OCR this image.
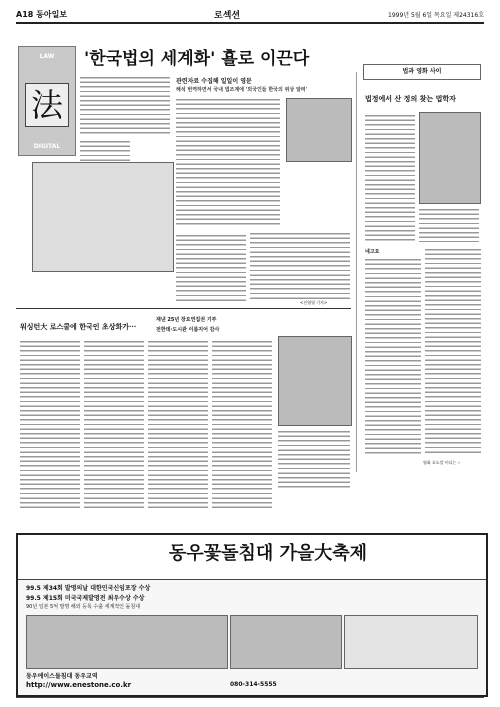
A18 동아일보	로섹션	1999년 5월 6일 목요일 제24316호
'한국법의 세계화' 횰로 이끈다
LAW
法
DIGITAL
관련자료 수집해 일일이 영문
해석 번역하면서 국내 법조계에 '외국인들 한국의 위상 알려'
<선엽영 기자>
워싱턴大 로스쿨에 한국인 초상화가···
재낸 25년 장요연집권 기부
전한데·도시관 이름지어 감사
법과 영화 사이
법정에서 산 정의 찾는 법학자
네고요
영화 포도알 어디는 ☞
동우꽃돌침대 가을大축제
99.5 제34회 발명의날 대한민국신임포장 수상
99.5 제15회 미국국제발명전 최우수상 수상
90년 일본 5억 발명 해외 등록 수출 세계적인 돌침대
동우에이스돌침대 동우교역
http://www.enestone.co.kr	080-314-5555
